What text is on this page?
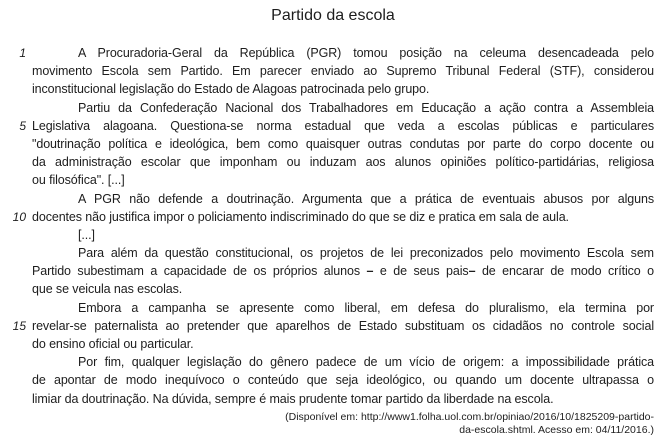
Partido da escola
1	A Procuradoria-Geral da República (PGR) tomou posição na celeuma desencadeada pelo
movimento Escola sem Partido. Em parecer enviado ao Supremo Tribunal Federal (STF), considerou
inconstitucional legislação do Estado de Alagoas patrocinada pelo grupo.
Partiu da Confederação Nacional dos Trabalhadores em Educação a ação contra a Assembleia
5 Legislativa alagoana. Questiona-se norma estadual que veda a escolas públicas e particulares
"doutrinação política e ideológica, bem como quaisquer outras condutas por parte do corpo docente ou
da administração escolar que imponham ou induzam aos alunos opiniões político-partidárias, religiosa
ou filosófica". [...]
A PGR não defende a doutrinação. Argumenta que a prática de eventuais abusos por alguns
10 docentes não justifica impor o policiamento indiscriminado do que se diz e pratica em sala de aula.
[...]
Para além da questão constitucional, os projetos de lei preconizados pelo movimento Escola sem
Partido subestimam a capacidade de os próprios alunos – e de seus pais– de encarar de modo crítico o
que se veicula nas escolas.
Embora a campanha se apresente como liberal, em defesa do pluralismo, ela termina por
15 revelar-se paternalista ao pretender que aparelhos de Estado substituam os cidadãos no controle social
do ensino oficial ou particular.
Por fim, qualquer legislação do gênero padece de um vício de origem: a impossibilidade prática
de apontar de modo inequívoco o conteúdo que seja ideológico, ou quando um docente ultrapassa o
limiar da doutrinação. Na dúvida, sempre é mais prudente tomar partido da liberdade na escola.
(Disponível em: http://www1.folha.uol.com.br/opiniao/2016/10/1825209-partido-
da-escola.shtml. Acesso em: 04/11/2016.)
